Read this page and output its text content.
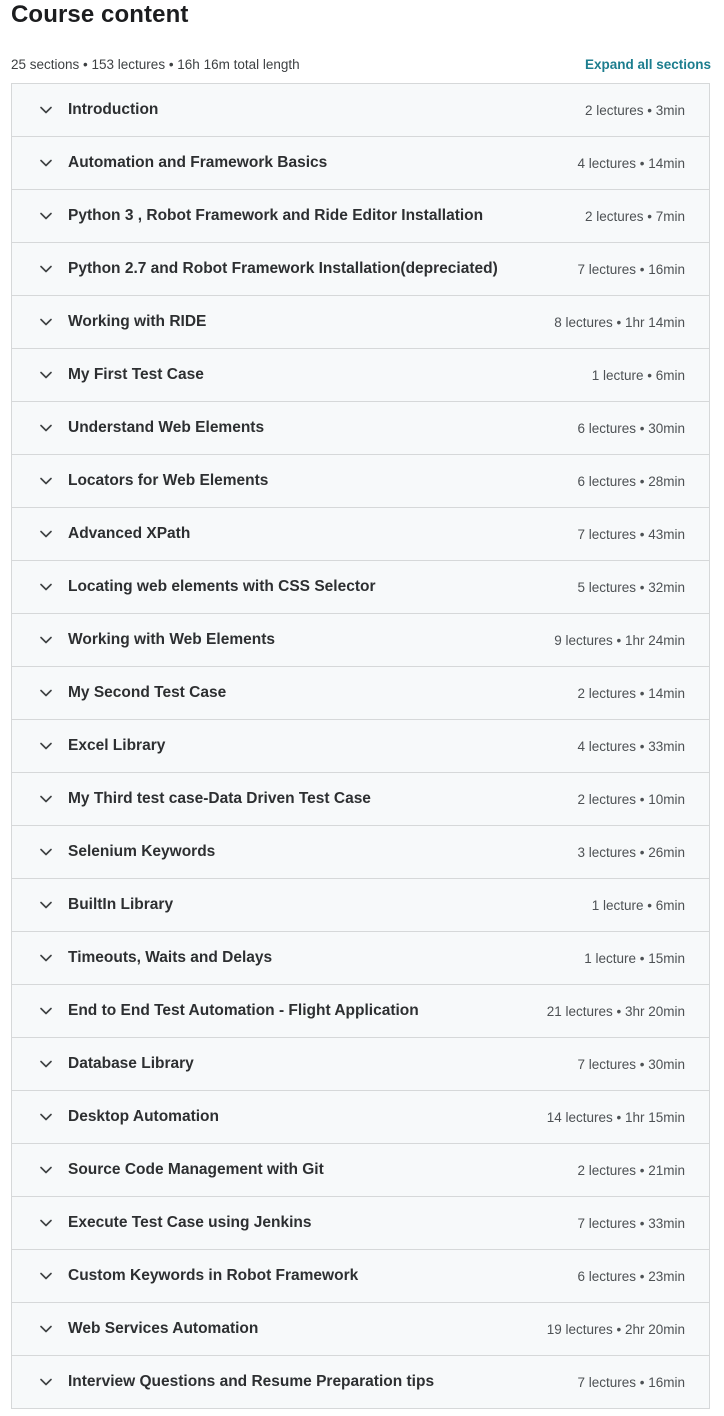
Course content
25 sections • 153 lectures • 16h 16m total length	Expand all sections
Introduction	2 lectures • 3min
Automation and Framework Basics	4 lectures • 14min
Python 3 , Robot Framework and Ride Editor Installation	2 lectures • 7min
Python 2.7 and Robot Framework Installation(depreciated)	7 lectures • 16min
Working with RIDE	8 lectures • 1hr 14min
My First Test Case	1 lecture • 6min
Understand Web Elements	6 lectures • 30min
Locators for Web Elements	6 lectures • 28min
Advanced XPath	7 lectures • 43min
Locating web elements with CSS Selector	5 lectures • 32min
Working with Web Elements	9 lectures • 1hr 24min
My Second Test Case	2 lectures • 14min
Excel Library	4 lectures • 33min
My Third test case-Data Driven Test Case	2 lectures • 10min
Selenium Keywords	3 lectures • 26min
BuiltIn Library	1 lecture • 6min
Timeouts, Waits and Delays	1 lecture • 15min
End to End Test Automation - Flight Application	21 lectures • 3hr 20min
Database Library	7 lectures • 30min
Desktop Automation	14 lectures • 1hr 15min
Source Code Management with Git	2 lectures • 21min
Execute Test Case using Jenkins	7 lectures • 33min
Custom Keywords in Robot Framework	6 lectures • 23min
Web Services Automation	19 lectures • 2hr 20min
Interview Questions and Resume Preparation tips	7 lectures • 16min
